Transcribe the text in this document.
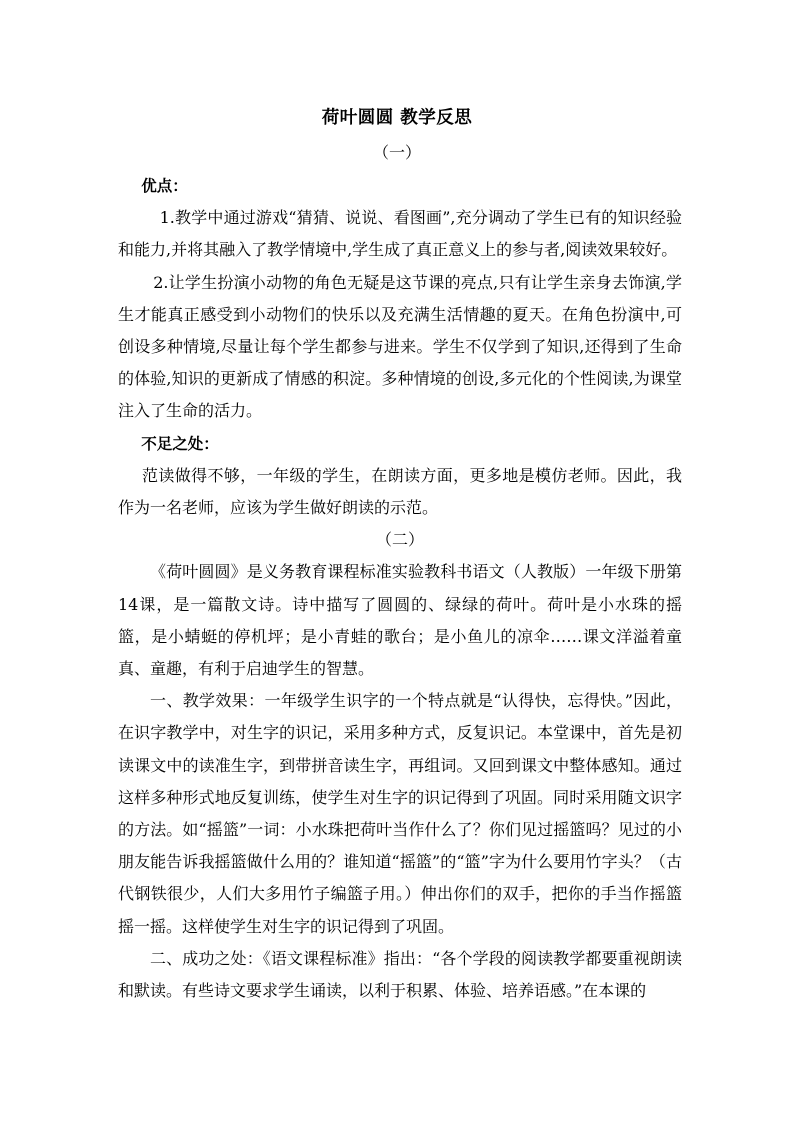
荷叶圆圆 教学反思
（一）

优点：

1.教学中通过游戏“猜猜、说说、看图画”,充分调动了学生已有的知识经验和能力,并将其融入了教学情境中,学生成了真正意义上的参与者,阅读效果较好。

2.让学生扮演小动物的角色无疑是这节课的亮点,只有让学生亲身去饰演,学生才能真正感受到小动物们的快乐以及充满生活情趣的夏天。在角色扮演中,可创设多种情境,尽量让每个学生都参与进来。学生不仅学到了知识,还得到了生命的体验,知识的更新成了情感的积淀。多种情境的创设,多元化的个性阅读,为课堂注入了生命的活力。

不足之处：

范读做得不够，一年级的学生，在朗读方面，更多地是模仿老师。因此，我作为一名老师，应该为学生做好朗读的示范。

（二）

《荷叶圆圆》是义务教育课程标准实验教科书语文（人教版）一年级下册第14课，是一篇散文诗。诗中描写了圆圆的、绿绿的荷叶。荷叶是小水珠的摇篮，是小蜻蜓的停机坪；是小青蛙的歌台；是小鱼儿的凉伞……课文洋溢着童真、童趣，有利于启迪学生的智慧。

一、教学效果：一年级学生识字的一个特点就是“认得快，忘得快。”因此，在识字教学中，对生字的识记，采用多种方式，反复识记。本堂课中，首先是初读课文中的读准生字，到带拼音读生字，再组词。又回到课文中整体感知。通过这样多种形式地反复训练，使学生对生字的识记得到了巩固。同时采用随文识字的方法。如“摇篮”一词：小水珠把荷叶当作什么了？你们见过摇篮吗？见过的小朋友能告诉我摇篮做什么用的？谁知道“摇篮”的“篮”字为什么要用竹字头？（古代钢铁很少，人们大多用竹子编篮子用。）伸出你们的双手，把你的手当作摇篮摇一摇。这样使学生对生字的识记得到了巩固。

二、成功之处：《语文课程标准》指出：“各个学段的阅读教学都要重视朗读和默读。有些诗文要求学生诵读，以利于积累、体验、培养语感。”在本课的
